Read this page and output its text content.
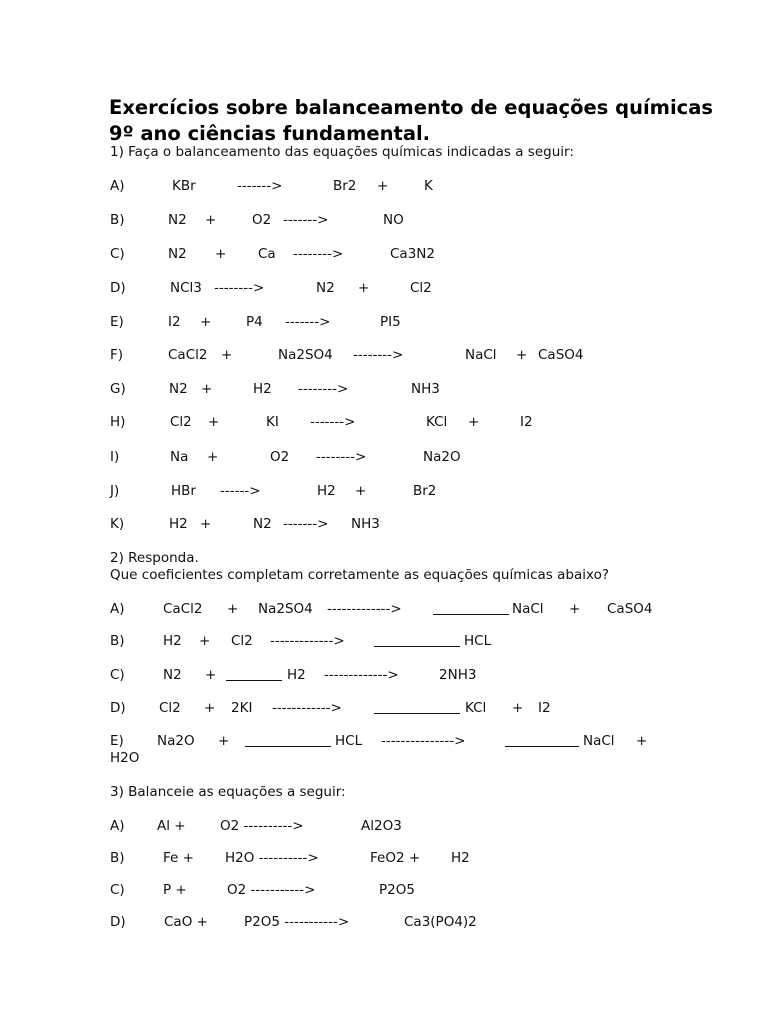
Exercícios sobre balanceamento de equações químicas
9º ano ciências fundamental.
1) Faça o balanceamento das equações químicas indicadas a seguir:
A)	KBr	------->	Br2 +	K
B)	N2 +	O2 ------->	NO
C)	N2 + Ca -------->	Ca3N2
D)	NCl3 -------->	N2 +	Cl2
E)	I2 +	P4 ------->	PI5
F)	CaCl2 +	Na2SO4 -------->	NaCl + CaSO4
G)	N2 +	H2 -------->	NH3
H)	Cl2 +	KI ------->	KCl +	I2
I)	Na +	O2 -------->	Na2O
J)	HBr ------>	H2 +	Br2
K)	H2 +	N2 -------> NH3
2) Responda.
Que coeficientes completam corretamente as equações químicas abaixo?
A)	CaCl2 + Na2SO4 ------------->	NaCl + CaSO4
B)	H2 + Cl2 ------------->	HCL
C)	N2 +	H2 ------------->	2NH3
D) Cl2 + 2KI ------------>	KCl + I2
E) Na2O +	HCL --------------->	NaCl +
H2O
3) Balanceie as equações a seguir:
A) Al +	O2 ---------->	Al2O3
B)	Fe + H2O ---------->	FeO2 + H2
C)	P +	O2 ----------->	P2O5
D)	CaO +	P2O5 ----------->	Ca3(PO4)2
